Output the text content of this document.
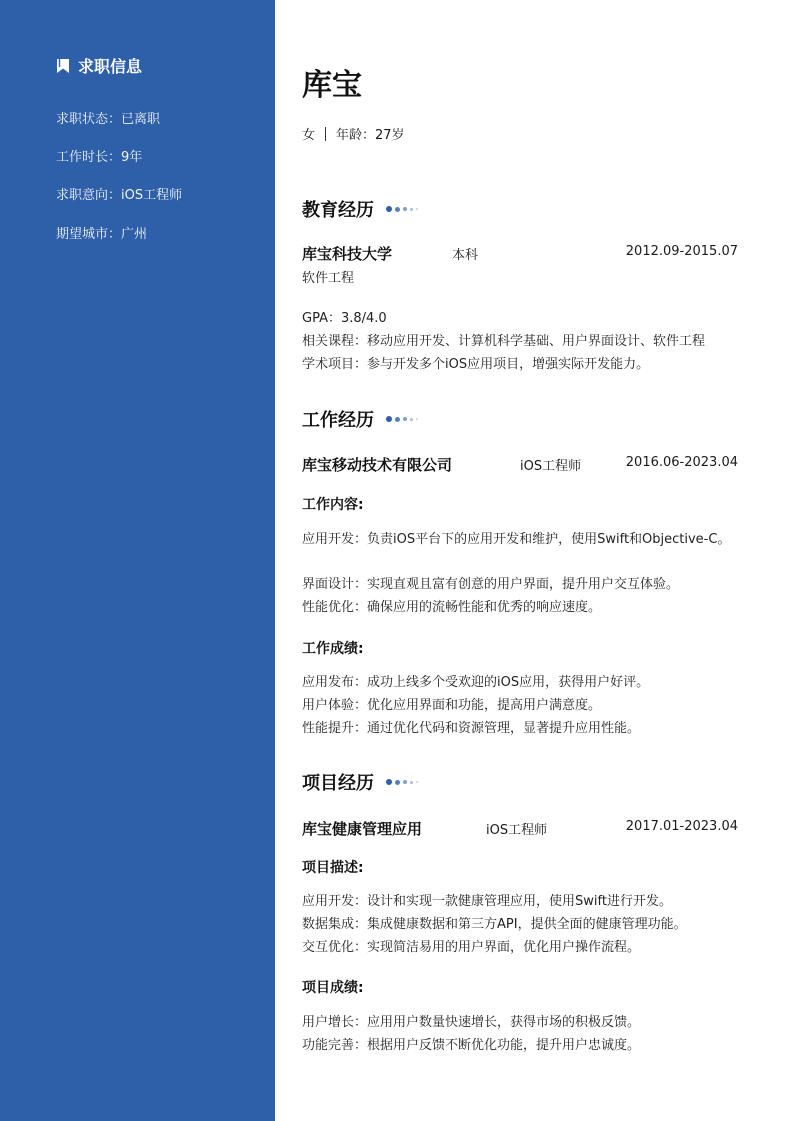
求职信息
求职状态：已离职
工作时长：9年
求职意向：iOS工程师
期望城市：广州
库宝
女 年龄：27岁
教育经历
库宝科技大学	本科	2012.09-2015.07
软件工程
GPA：3.8/4.0
相关课程：移动应用开发、计算机科学基础、用户界面设计、软件工程
学术项目：参与开发多个iOS应用项目，增强实际开发能力。
工作经历
库宝移动技术有限公司	iOS工程师	2016.06-2023.04
工作内容:
应用开发：负责iOS平台下的应用开发和维护，使用Swift和Objective-C。
界面设计：实现直观且富有创意的用户界面，提升用户交互体验。
性能优化：确保应用的流畅性能和优秀的响应速度。
工作成绩:
应用发布：成功上线多个受欢迎的iOS应用，获得用户好评。
用户体验：优化应用界面和功能，提高用户满意度。
性能提升：通过优化代码和资源管理，显著提升应用性能。
项目经历
库宝健康管理应用	iOS工程师	2017.01-2023.04
项目描述:
应用开发：设计和实现一款健康管理应用，使用Swift进行开发。
数据集成：集成健康数据和第三方API，提供全面的健康管理功能。
交互优化：实现简洁易用的用户界面，优化用户操作流程。
项目成绩:
用户增长：应用用户数量快速增长，获得市场的积极反馈。
功能完善：根据用户反馈不断优化功能，提升用户忠诚度。
